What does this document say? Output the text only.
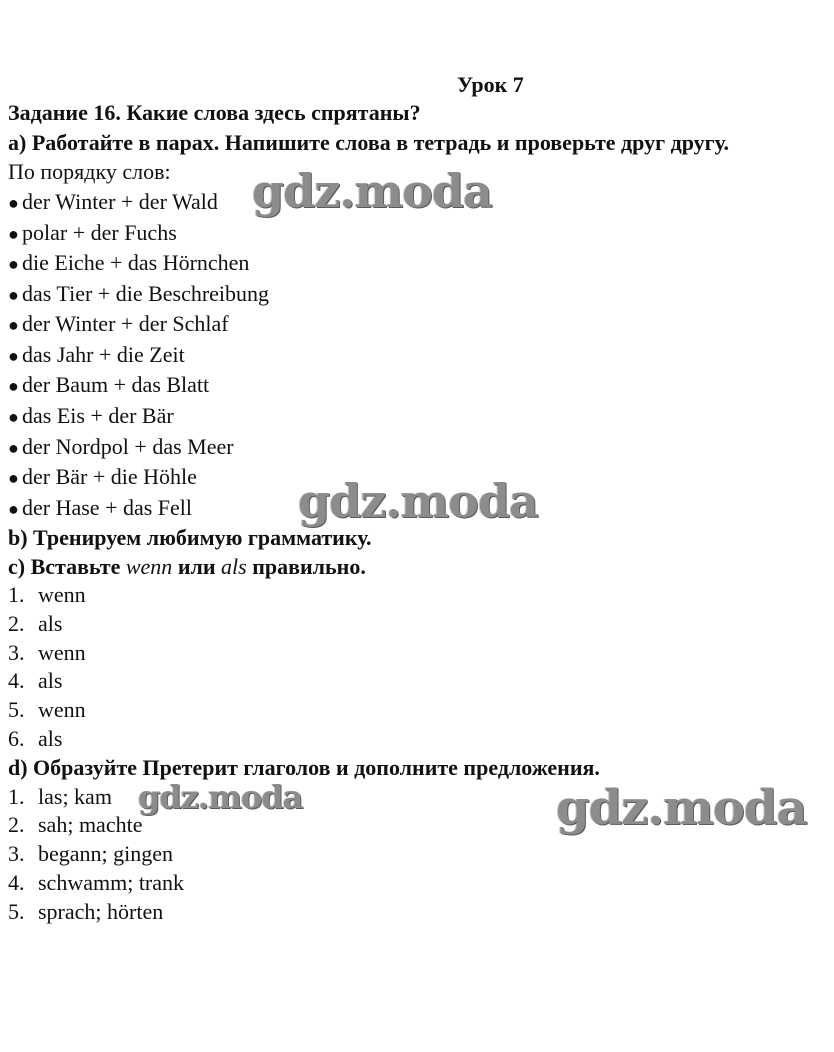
Урок 7
Задание 16. Какие слова здесь спрятаны?
a) Работайте в парах. Напишите слова в тетрадь и проверьте друг другу.
По порядку слов:
● der Winter + der Wald
● polar + der Fuchs
● die Eiche + das Hörnchen
● das Tier + die Beschreibung
● der Winter + der Schlaf
● das Jahr + die Zeit
● der Baum + das Blatt
● das Eis + der Bär
● der Nordpol + das Meer
● der Bär + die Höhle
● der Hase + das Fell
b) Тренируем любимую грамматику.
c) Вставьте wenn или als правильно.
1. wenn
2. als
3. wenn
4. als
5. wenn
6. als
d) Образуйте Претерит глаголов и дополните предложения.
1. las; kam
2. sah; machte
3. begann; gingen
4. schwamm; trank
5. sprach; hörten
gdz.moda
gdz.moda
gdz.moda	gdz.moda
